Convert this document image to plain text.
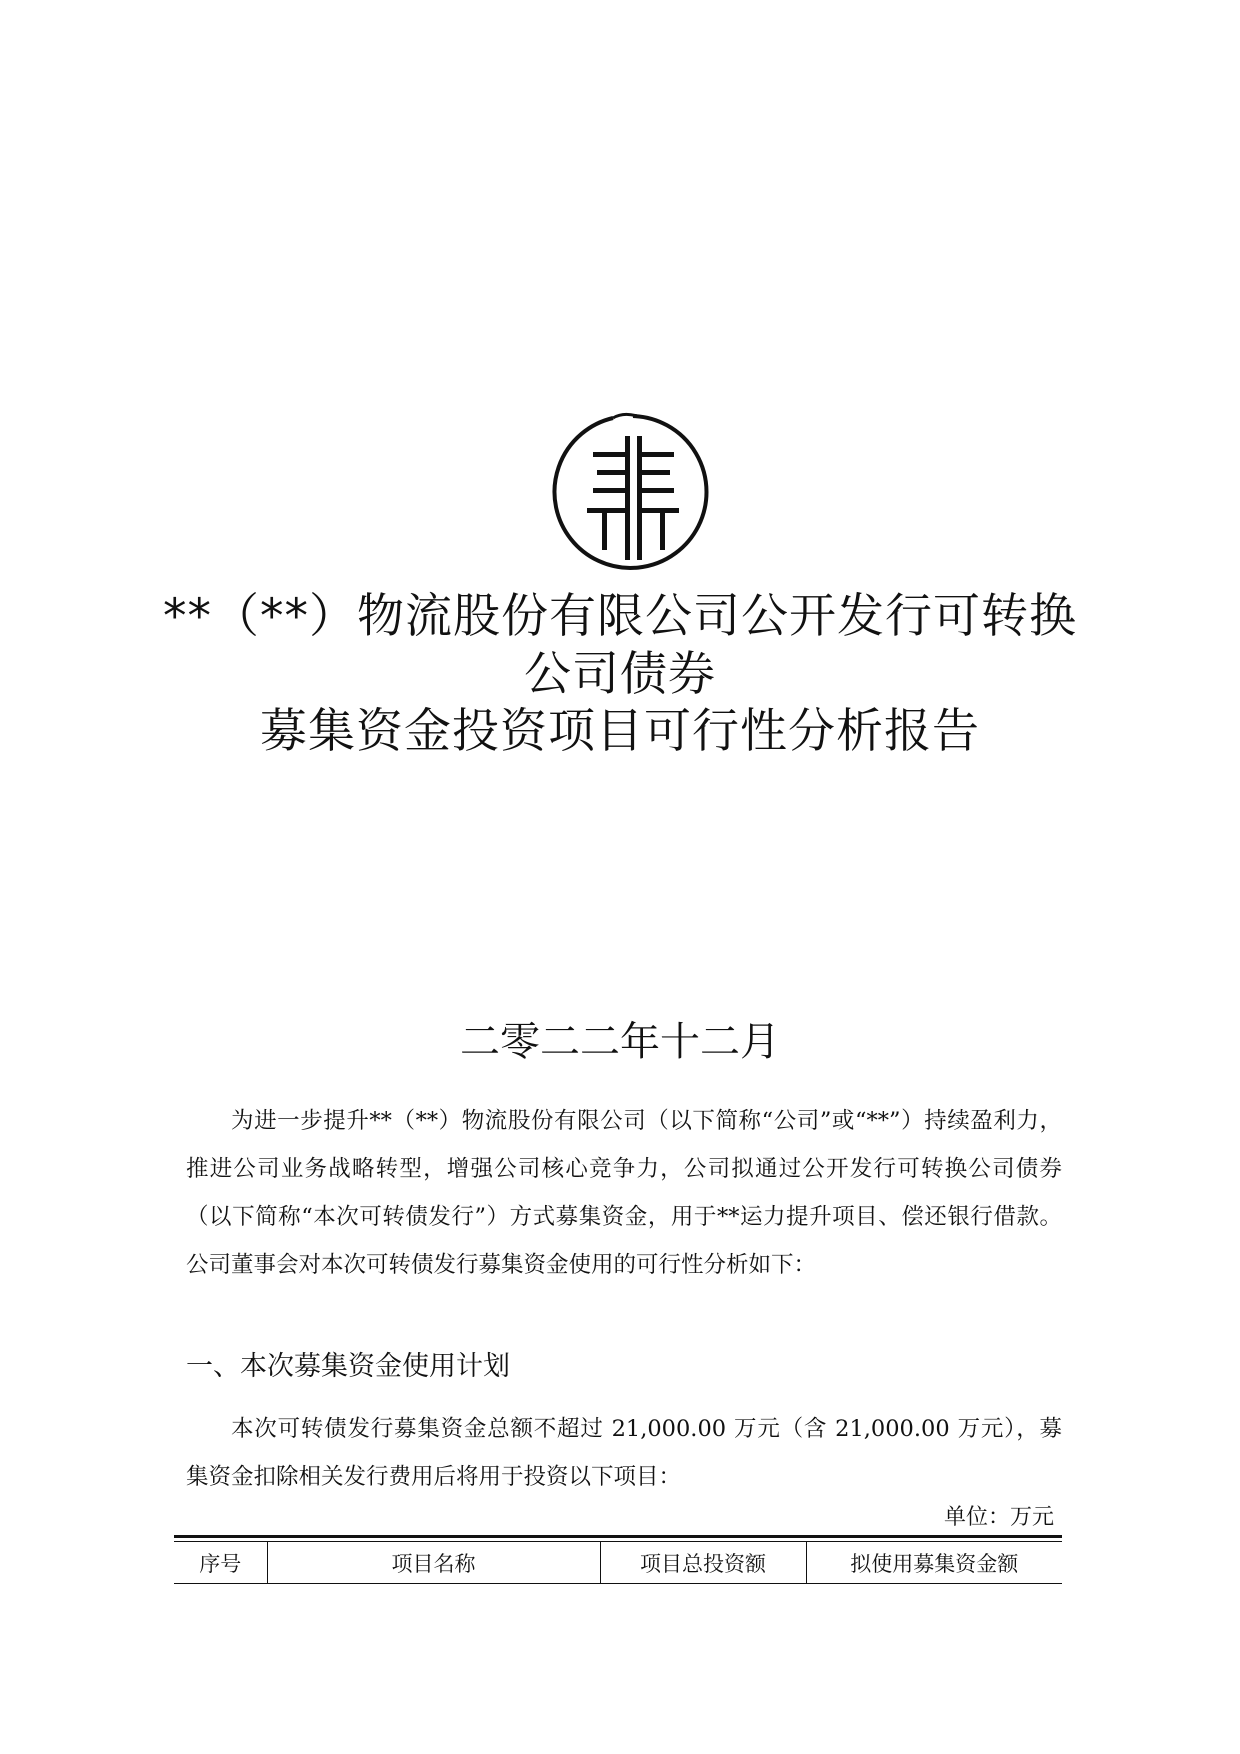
**（**）物流股份有限公司公开发行可转换
公司债券
募集资金投资项目可行性分析报告
二零二二年十二月

为进一步提升**（**）物流股份有限公司（以下简称“公司”或“**”）持续盈利力，推进公司业务战略转型，增强公司核心竞争力，公司拟通过公开发行可转换公司债券（以下简称“本次可转债发行”）方式募集资金，用于**运力提升项目、偿还银行借款。公司董事会对本次可转债发行募集资金使用的可行性分析如下：

一、本次募集资金使用计划

本次可转债发行募集资金总额不超过 21,000.00 万元（含 21,000.00 万元），募集资金扣除相关发行费用后将用于投资以下项目：

单位：万元
序号	项目名称	项目总投资额	拟使用募集资金额
